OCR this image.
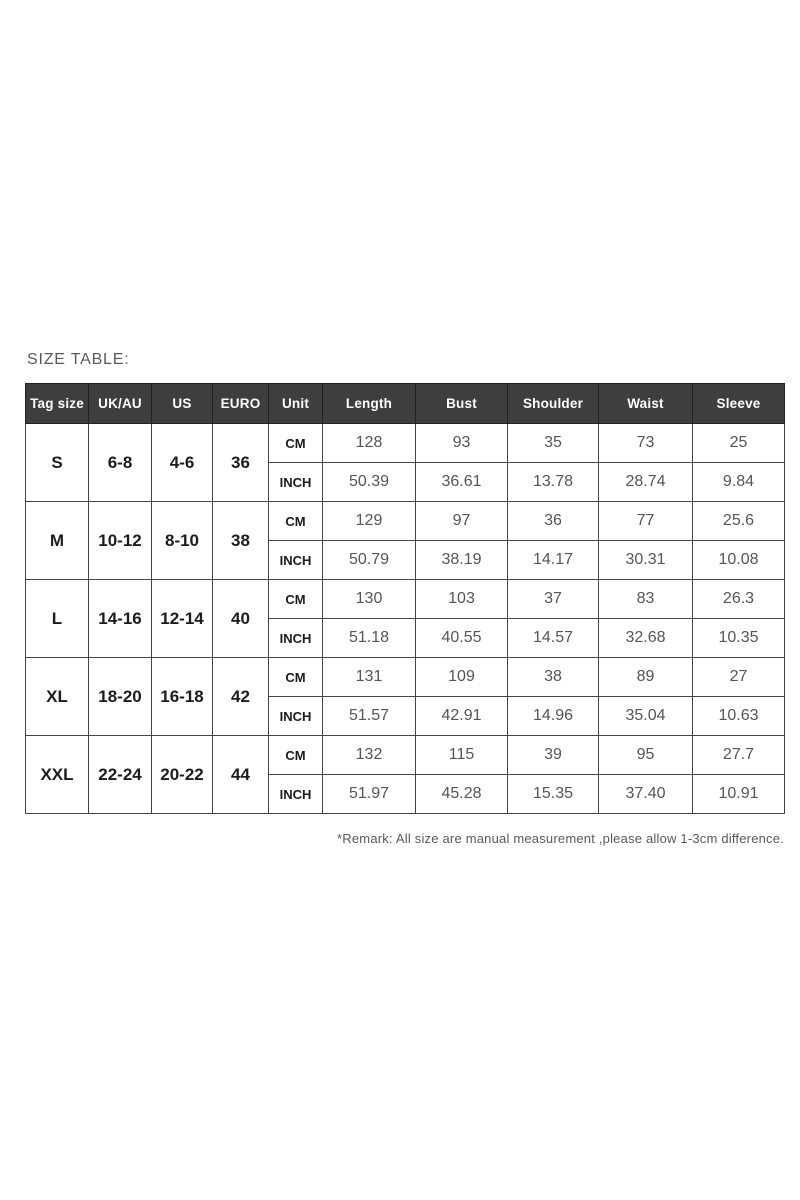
SIZE TABLE:
Tag size	UK/AU	US	EURO	Unit	Length	Bust	Shoulder	Waist	Sleeve
S	6-8	4-6	36	CM	128	93	35	73	25
				INCH	50.39	36.61	13.78	28.74	9.84
M	10-12	8-10	38	CM	129	97	36	77	25.6
				INCH	50.79	38.19	14.17	30.31	10.08
L	14-16	12-14	40	CM	130	103	37	83	26.3
				INCH	51.18	40.55	14.57	32.68	10.35
XL	18-20	16-18	42	CM	131	109	38	89	27
				INCH	51.57	42.91	14.96	35.04	10.63
XXL	22-24	20-22	44	CM	132	115	39	95	27.7
				INCH	51.97	45.28	15.35	37.40	10.91
*Remark: All size are manual measurement ,please allow 1-3cm difference.
